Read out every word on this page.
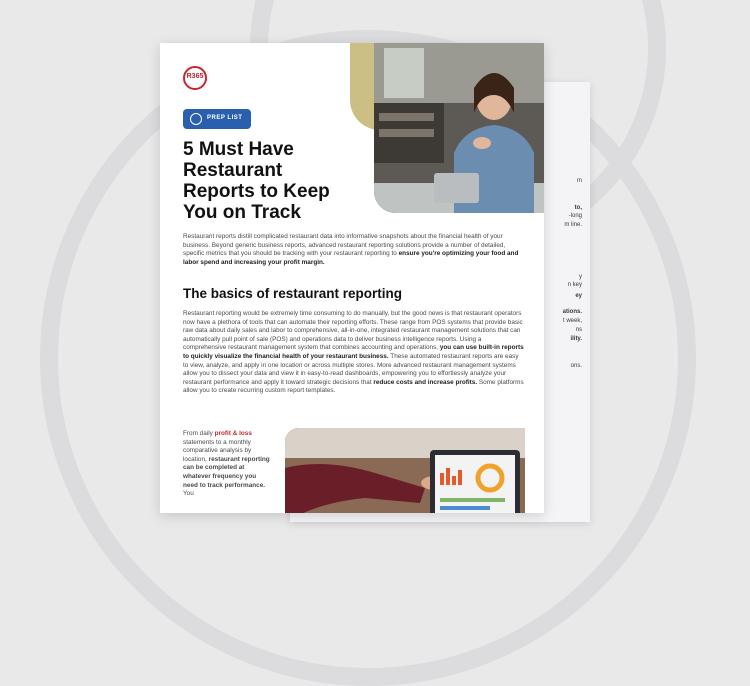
m
to,
-long
m line.
y
n key
ey
ations.
t week,
ns
ility.
ons.
R365
PREP LIST
5 Must Have Restaurant Reports to Keep You on Track

Restaurant reports distill complicated restaurant data into informative snapshots about the financial health of your business. Beyond generic business reports, advanced restaurant reporting solutions provide a number of detailed, specific metrics that you should be tracking with your restaurant reporting to ensure you're optimizing your food and labor spend and increasing your profit margin.

The basics of restaurant reporting

Restaurant reporting would be extremely time consuming to do manually, but the good news is that restaurant operators now have a plethora of tools that can automate their reporting efforts. These range from POS systems that provide basic raw data about daily sales and labor to comprehensive, all-in-one, integrated restaurant management solutions that can automatically pull point of sale (POS) and operations data to deliver business intelligence reports. Using a comprehensive restaurant management system that combines accounting and operations, you can use built-in reports to quickly visualize the financial health of your restaurant business. These automated restaurant reports are easy to view, analyze, and apply in one location or across multiple stores. More advanced restaurant management systems allow you to dissect your data and view it in easy-to-read dashboards, empowering you to effortlessly analyze your restaurant performance and apply it toward strategic decisions that reduce costs and increase profits. Some platforms allow you to create recurring custom report templates.

From daily profit & loss statements to a monthly comparative analysis by location, restaurant reporting can be completed at whatever frequency you need to track performance. You
